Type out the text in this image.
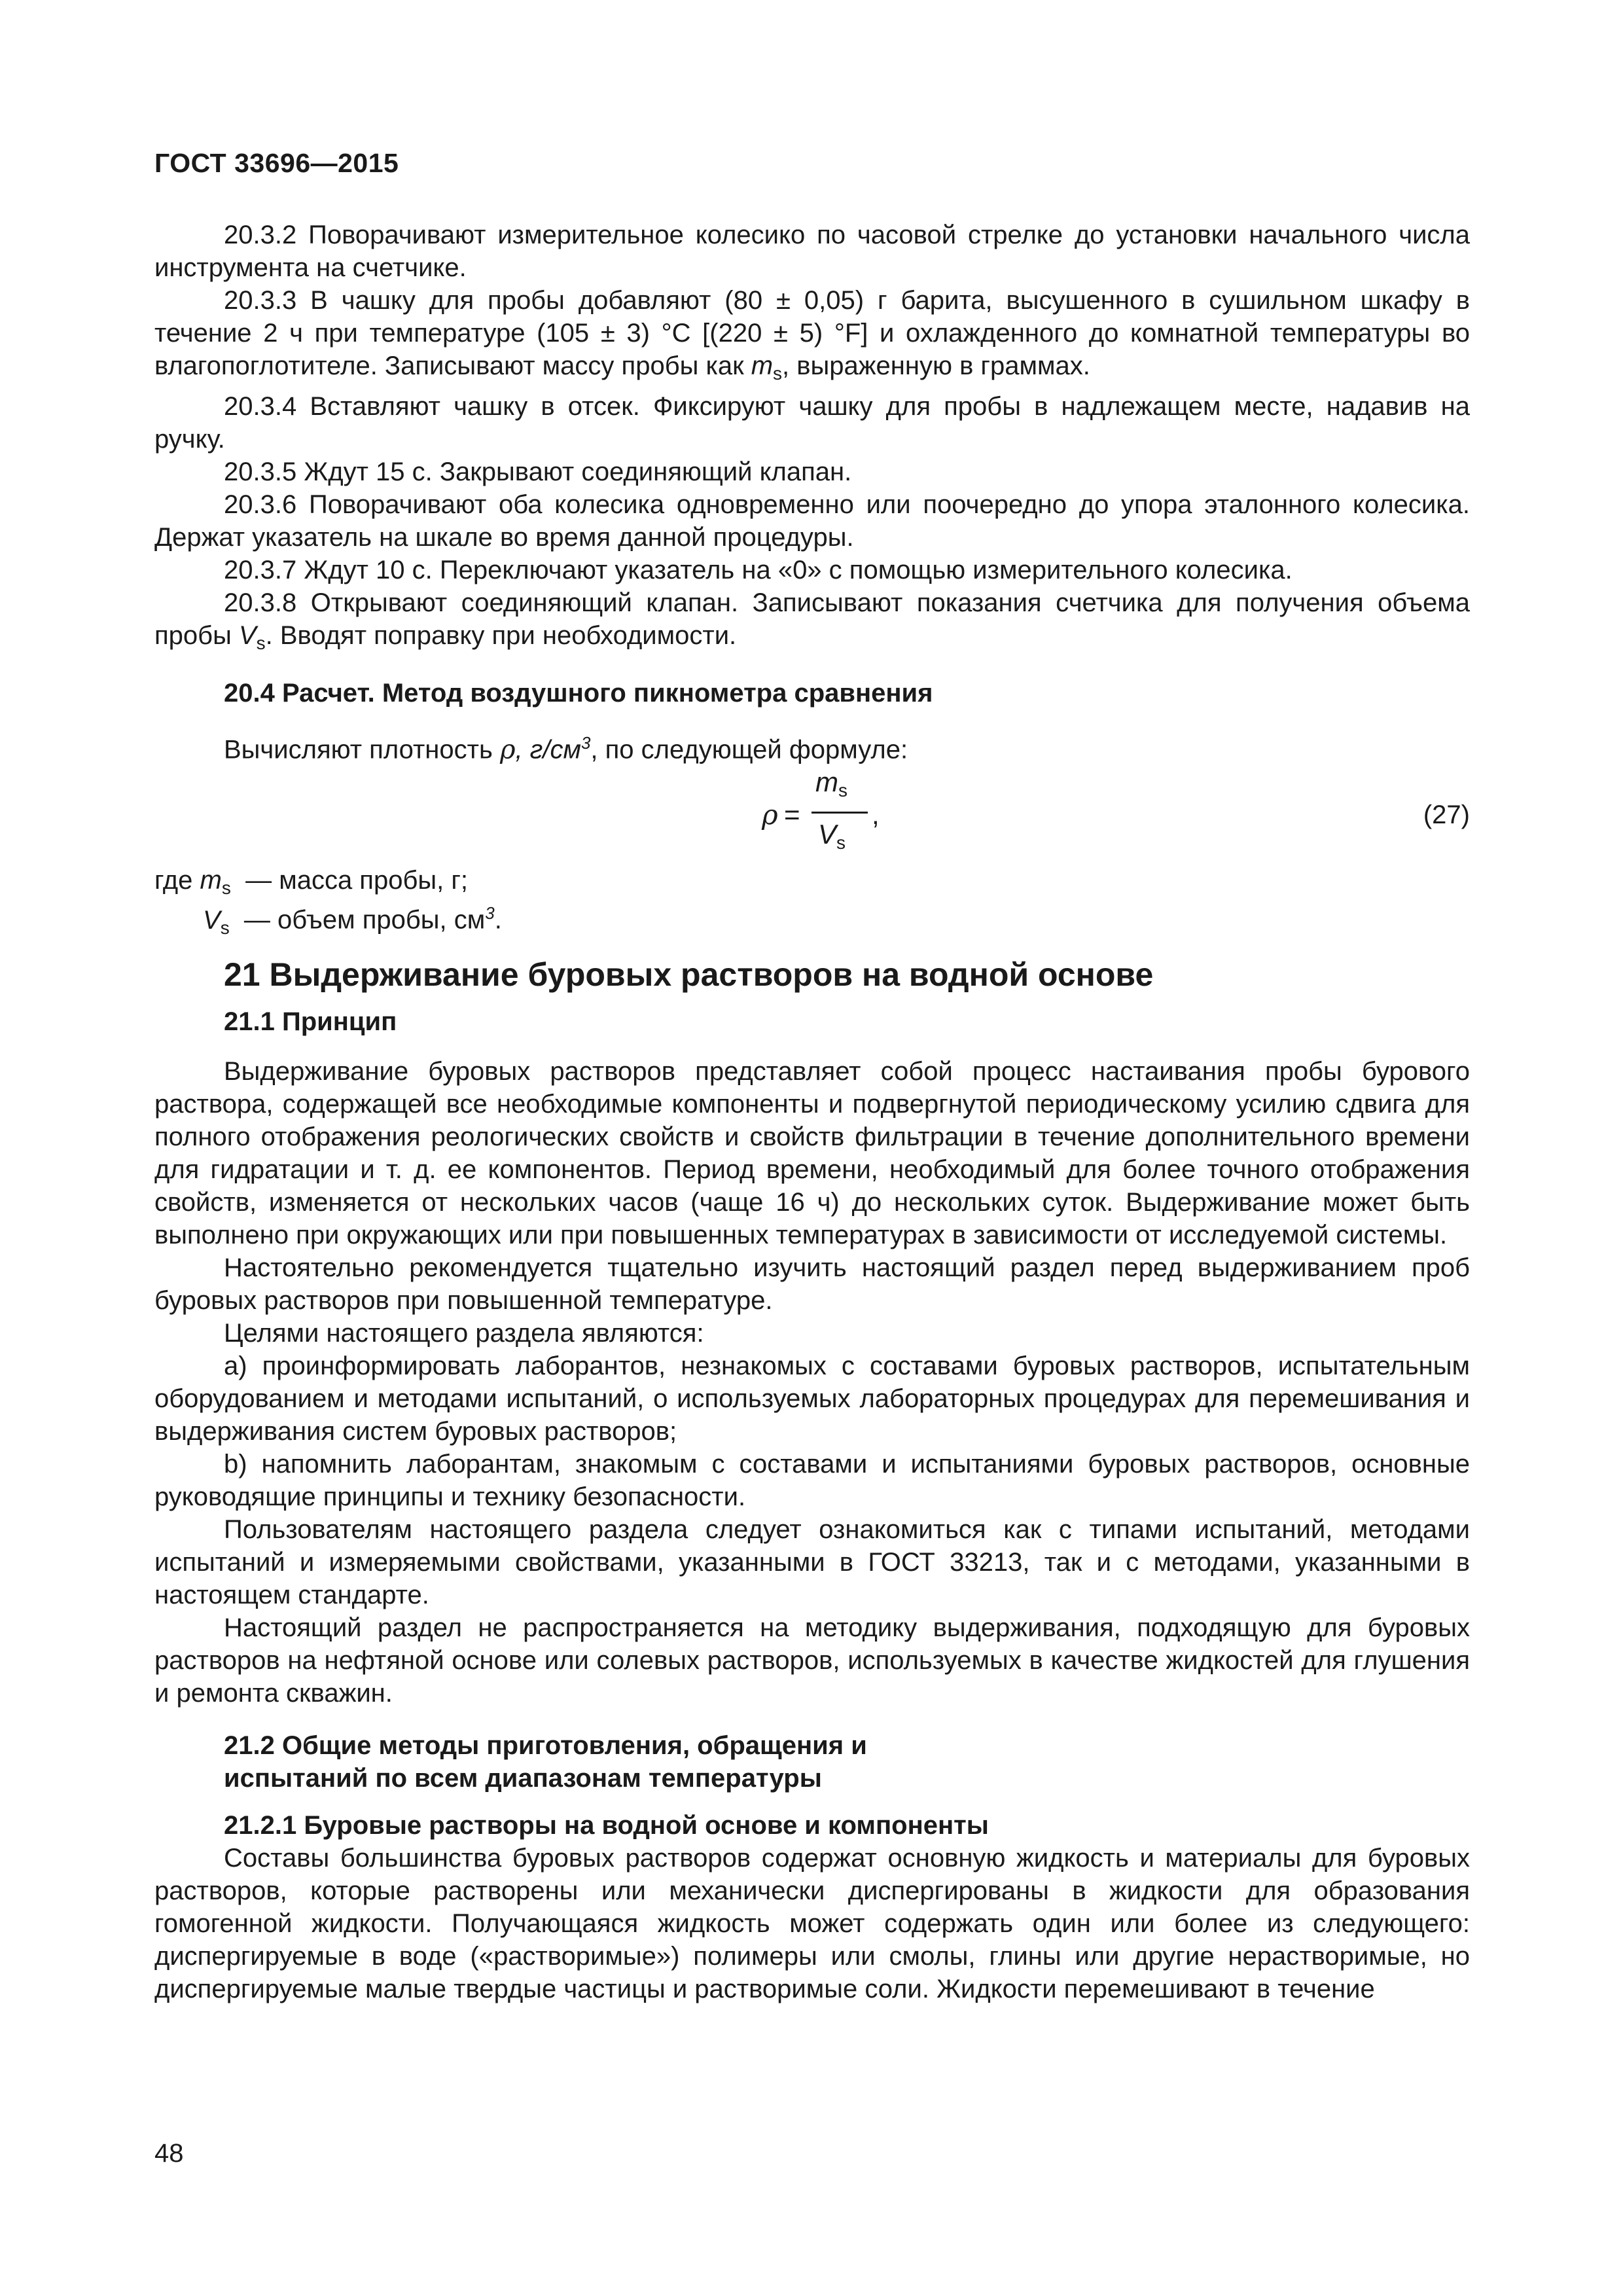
ГОСТ 33696—2015

20.3.2 Поворачивают измерительное колесико по часовой стрелке до установки начального числа инструмента на счетчике.

20.3.3 В чашку для пробы добавляют (80 ± 0,05) г барита, высушенного в сушильном шкафу в течение 2 ч при температуре (105 ± 3) °C [(220 ± 5) °F] и охлажденного до комнатной температуры во влагопоглотителе. Записывают массу пробы как $m_s$, выраженную в граммах.

20.3.4 Вставляют чашку в отсек. Фиксируют чашку для пробы в надлежащем месте, надавив на ручку.

20.3.5 Ждут 15 с. Закрывают соединяющий клапан.

20.3.6 Поворачивают оба колесика одновременно или поочередно до упора эталонного колесика. Держат указатель на шкале во время данной процедуры.

20.3.7 Ждут 10 с. Переключают указатель на «0» с помощью измерительного колесика.

20.3.8 Открывают соединяющий клапан. Записывают показания счетчика для получения объема пробы $V_s$. Вводят поправку при необходимости.

20.4 Расчет. Метод воздушного пикнометра сравнения

Вычисляют плотность ρ, $г/см^3$, по следующей формуле:

ρ =
$m_s$
$V_s$
,	(27)
где $m_s$ — масса пробы, г;
$V_s$ — объем пробы, $см^3$.

21 Выдерживание буровых растворов на водной основе

21.1 Принцип

Выдерживание буровых растворов представляет собой процесс настаивания пробы бурового раствора, содержащей все необходимые компоненты и подвергнутой периодическому усилию сдвига для полного отображения реологических свойств и свойств фильтрации в течение дополнительного времени для гидратации и т. д. ее компонентов. Период времени, необходимый для более точного отображения свойств, изменяется от нескольких часов (чаще 16 ч) до нескольких суток. Выдерживание может быть выполнено при окружающих или при повышенных температурах в зависимости от исследуемой системы.

Настоятельно рекомендуется тщательно изучить настоящий раздел перед выдерживанием проб буровых растворов при повышенной температуре.

Целями настоящего раздела являются:

а) проинформировать лаборантов, незнакомых с составами буровых растворов, испытательным оборудованием и методами испытаний, о используемых лабораторных процедурах для перемешивания и выдерживания систем буровых растворов;

b) напомнить лаборантам, знакомым с составами и испытаниями буровых растворов, основные руководящие принципы и технику безопасности.

Пользователям настоящего раздела следует ознакомиться как с типами испытаний, методами испытаний и измеряемыми свойствами, указанными в ГОСТ 33213, так и с методами, указанными в настоящем стандарте.

Настоящий раздел не распространяется на методику выдерживания, подходящую для буровых растворов на нефтяной основе или солевых растворов, используемых в качестве жидкостей для глушения и ремонта скважин.

21.2 Общие методы приготовления, обращения и испытаний по всем диапазонам температуры

21.2.1 Буровые растворы на водной основе и компоненты

Составы большинства буровых растворов содержат основную жидкость и материалы для буровых растворов, которые растворены или механически диспергированы в жидкости для образования гомогенной жидкости. Получающаяся жидкость может содержать один или более из следующего: диспергируемые в воде («растворимые») полимеры или смолы, глины или другие нерастворимые, но диспергируемые малые твердые частицы и растворимые соли. Жидкости перемешивают в течение

48
